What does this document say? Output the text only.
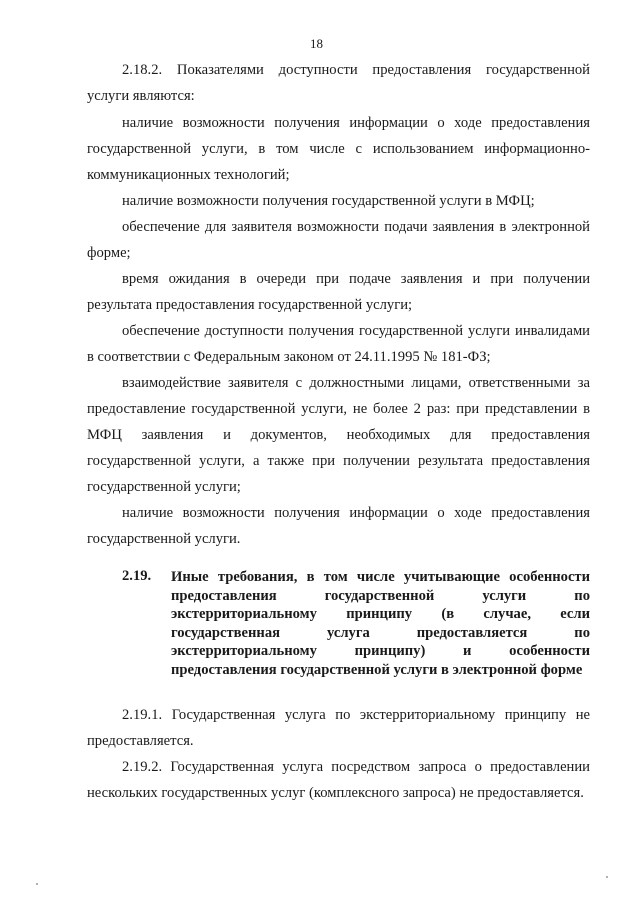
18
2.18.2. Показателями доступности предоставления государственной услуги являются:
наличие возможности получения информации о ходе предоставления государственной услуги, в том числе с использованием информационно-коммуникационных технологий;
наличие возможности получения государственной услуги в МФЦ;
обеспечение для заявителя возможности подачи заявления в электронной форме;
время ожидания в очереди при подаче заявления и при получении результата предоставления государственной услуги;
обеспечение доступности получения государственной услуги инвалидами в соответствии с Федеральным законом от 24.11.1995 № 181-ФЗ;
взаимодействие заявителя с должностными лицами, ответственными за предоставление государственной услуги, не более 2 раз: при представлении в МФЦ заявления и документов, необходимых для предоставления государственной услуги, а также при получении результата предоставления государственной услуги;
наличие возможности получения информации о ходе предоставления государственной услуги.
2.19. Иные требования, в том числе учитывающие особенности предоставления государственной услуги по экстерриториальному принципу (в случае, если государственная услуга предоставляется по экстерриториальному принципу) и особенности предоставления государственной услуги в электронной форме
2.19.1. Государственная услуга по экстерриториальному принципу не предоставляется.
2.19.2. Государственная услуга посредством запроса о предоставлении нескольких государственных услуг (комплексного запроса) не предоставляется.
